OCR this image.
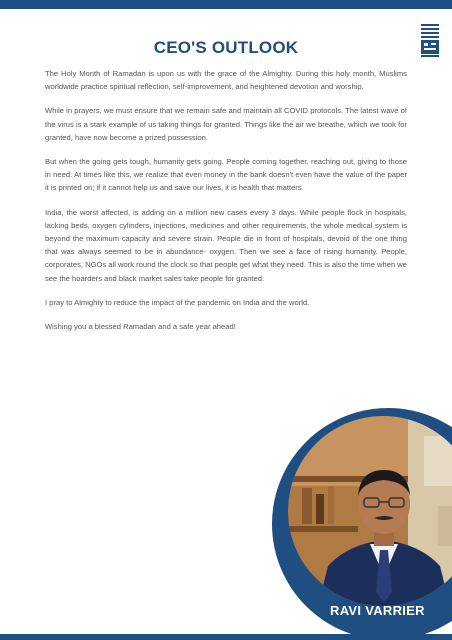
CEO'S OUTLOOK

The Holy Month of Ramadan is upon us with the grace of the Almighty. During this holy month, Muslims worldwide practice spiritual reflection, self-improvement, and heightened devotion and worship.

While in prayers, we must ensure that we remain safe and maintain all COVID protocols. The latest wave of the virus is a stark example of us taking things for granted. Things like the air we breathe, which we took for granted, have now become a prized possession.

But when the going gets tough, humanity gets going. People coming together, reaching out, giving to those in need. At times like this, we realize that even money in the bank doesn't even have the value of the paper it is printed on; if it cannot help us and save our lives, it is health that matters.

India, the worst affected, is adding on a million new cases every 3 days. While people flock in hospitals, lacking beds, oxygen cylinders, injections, medicines and other requirements, the whole medical system is beyond the maximum capacity and severe strain. People die in front of hospitals, devoid of the one thing that was always seemed to be in abundance- oxygen. Then we see a face of rising humanity. People, corporates, NGOs all work round the clock so that people get what they need. This is also the time when we see the hoarders and black market sales take people for granted.

I pray to Almighty to reduce the impact of the pandemic on India and the world.

Wishing you a blessed Ramadan and a safe year ahead!

RAVI VARRIER
